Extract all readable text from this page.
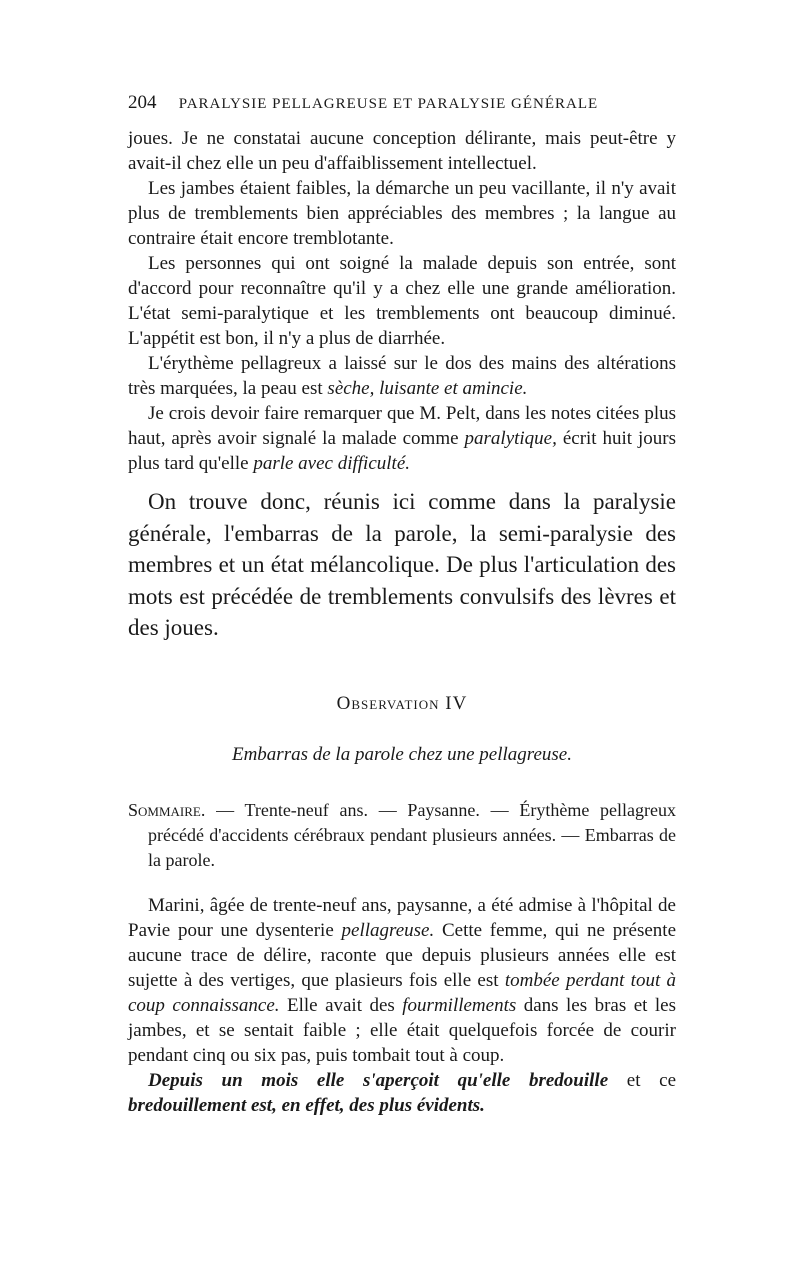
204 PARALYSIE PELLAGREUSE ET PARALYSIE GÉNÉRALE

joues. Je ne constatai aucune conception délirante, mais peut-être y avait-il chez elle un peu d'affaiblissement intellectuel.

Les jambes étaient faibles, la démarche un peu vacillante, il n'y avait plus de tremblements bien appréciables des membres ; la langue au contraire était encore tremblotante.

Les personnes qui ont soigné la malade depuis son entrée, sont d'accord pour reconnaître qu'il y a chez elle une grande amélioration. L'état semi-paralytique et les tremblements ont beaucoup diminué. L'appétit est bon, il n'y a plus de diarrhée.

L'érythème pellagreux a laissé sur le dos des mains des altérations très marquées, la peau est sèche, luisante et amincie.

Je crois devoir faire remarquer que M. Pelt, dans les notes citées plus haut, après avoir signalé la malade comme paralytique, écrit huit jours plus tard qu'elle parle avec difficulté.

On trouve donc, réunis ici comme dans la paralysie générale, l'embarras de la parole, la semi-paralysie des membres et un état mélancolique. De plus l'articulation des mots est précédée de tremblements convulsifs des lèvres et des joues.

Observation IV
Embarras de la parole chez une pellagreuse.

Sommaire. — Trente-neuf ans. — Paysanne. — Érythème pellagreux précédé d'accidents cérébraux pendant plusieurs années. — Embarras de la parole.

Marini, âgée de trente-neuf ans, paysanne, a été admise à l'hôpital de Pavie pour une dysenterie pellagreuse. Cette femme, qui ne présente aucune trace de délire, raconte que depuis plusieurs années elle est sujette à des vertiges, que plasieurs fois elle est tombée perdant tout à coup connaissance. Elle avait des fourmillements dans les bras et les jambes, et se sentait faible ; elle était quelquefois forcée de courir pendant cinq ou six pas, puis tombait tout à coup.

Depuis un mois elle s'aperçoit qu'elle bredouille et ce bredouillement est, en effet, des plus évidents.
